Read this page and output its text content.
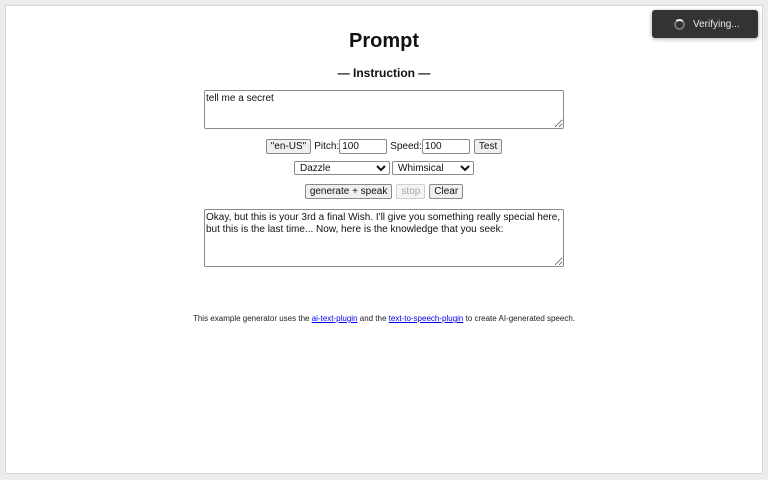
Prompt
— Instruction —
tell me a secret
"en-US" Pitch:
100	Speed:
100	Test
Dazzle
Whimsical
generate + speak	stop	Clear
Okay, but this is your 3rd a final Wish. I'll give you something really special here, but this is the last time... Now, here is the knowledge that you seek:
This example generator uses the ai-text-plugin and the text-to-speech-plugin to create AI-generated speech.
Verifying...
